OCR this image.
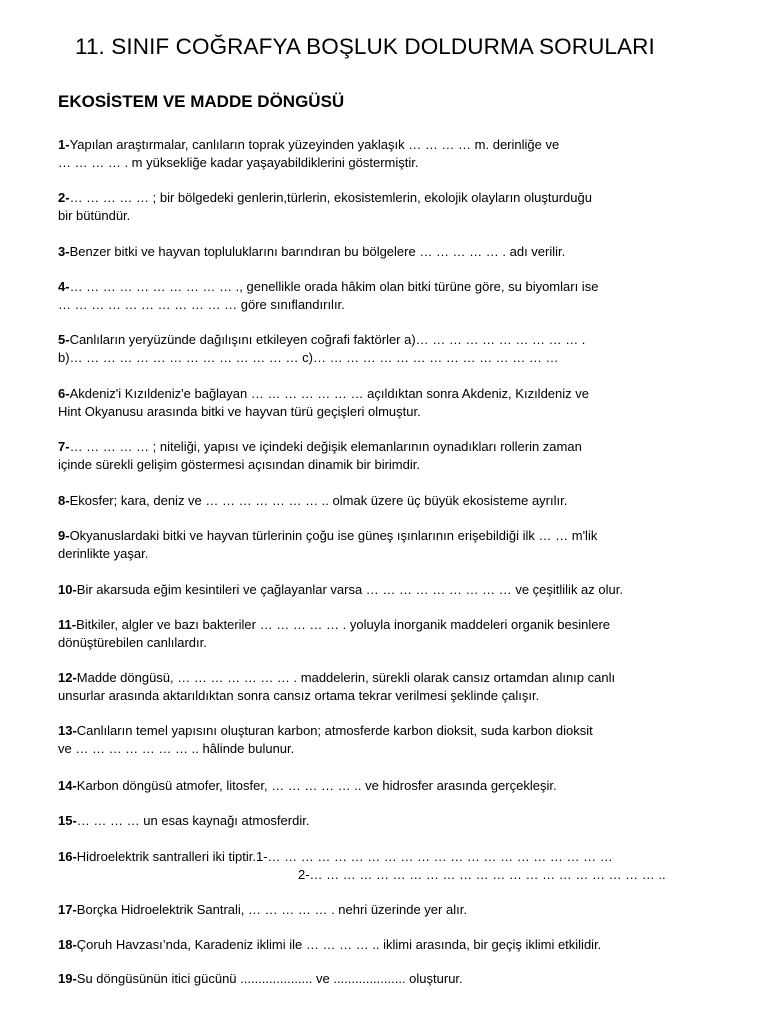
11. SINIF COĞRAFYA BOŞLUK DOLDURMA SORULARI
EKOSİSTEM VE MADDE DÖNGÜSÜ
1-Yapılan araştırmalar, canlıların toprak yüzeyinden yaklaşık … … … … m. derinliğe ve
… … … … . m yüksekliğe kadar yaşayabildiklerini göstermiştir.
2-… … … … … ; bir bölgedeki genlerin,türlerin, ekosistemlerin, ekolojik olayların oluşturduğu
bir bütündür.
3-Benzer bitki ve hayvan topluluklarını barındıran bu bölgelere … … … … … . adı verilir.
4-… … … … … … … … … … ., genellikle orada hâkim olan bitki türüne göre, su biyomları ise
… … … … … … … … … … … göre sınıflandırılır.
5-Canlıların yeryüzünde dağılışını etkileyen coğrafi faktörler a)… … … … … … … … … … .
b)… … … … … … … … … … … … … … c)… … … … … … … … … … … … … … …
6-Akdeniz'i Kızıldeniz'e bağlayan … … … … … … … açıldıktan sonra Akdeniz, Kızıldeniz ve
Hint Okyanusu arasında bitki ve hayvan türü geçişleri olmuştur.
7-… … … … … ; niteliği, yapısı ve içindeki değişik elemanlarının oynadıkları rollerin zaman
içinde sürekli gelişim göstermesi açısından dinamik bir birimdir.
8-Ekosfer; kara, deniz ve … … … … … … … .. olmak üzere üç büyük ekosisteme ayrılır.
9-Okyanuslardaki bitki ve hayvan türlerinin çoğu ise güneş ışınlarının erişebildiği ilk … … m'lik
derinlikte yaşar.
10-Bir akarsuda eğim kesintileri ve çağlayanlar varsa … … … … … … … … … ve çeşitlilik az olur.
11-Bitkiler, algler ve bazı bakteriler … … … … … . yoluyla inorganik maddeleri organik besinlere
dönüştürebilen canlılardır.
12-Madde döngüsü, … … … … … … … . maddelerin, sürekli olarak cansız ortamdan alınıp canlı
unsurlar arasında aktarıldıktan sonra cansız ortama tekrar verilmesi şeklinde çalışır.
13-Canlıların temel yapısını oluşturan karbon; atmosferde karbon dioksit, suda karbon dioksit
ve … … … … … … … .. hâlinde bulunur.
14-Karbon döngüsü atmofer, litosfer, … … … … … .. ve hidrosfer arasında gerçekleşir.
15-… … … … un esas kaynağı atmosferdir.
16-Hidroelektrik santralleri iki tiptir.1-… … … … … … … … … … … … … … … … … … … … …
2-… … … … … … … … … … … … … … … … … … … … … ..
17-Borçka Hidroelektrik Santrali, … … … … … . nehri üzerinde yer alır.
18-Çoruh Havzası’nda, Karadeniz iklimi ile … … … … .. iklimi arasında, bir geçiş iklimi etkilidir.
19-Su döngüsünün itici gücünü .................... ve .................... oluşturur.
